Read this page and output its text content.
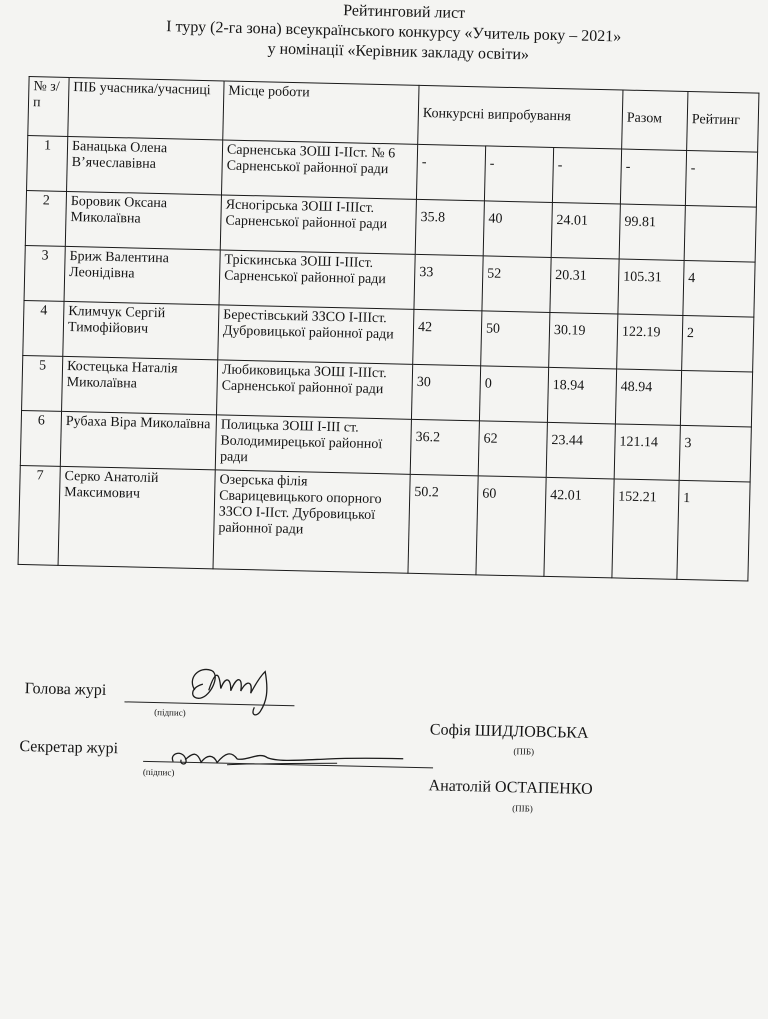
Рейтинговий лист
І туру (2-га зона) всеукраїнського конкурсу «Учитель року – 2021»
у номінації «Керівник закладу освіти»
№ з/п	ПІБ учасника/учасниці	Місце роботи	Конкурсні випробування			Разом	Рейтинг
1	Банацька Олена В’ячеславівна	Сарненська ЗОШ І-ІІст. № 6 Сарненської районної ради	-	-	-	-	-
2	Боровик Оксана Миколаївна	Ясногірська ЗОШ І-ІІІст. Сарненської районної ради	35.8	40	24.01	99.81	
3	Бриж Валентина Леонідівна	Тріскинська ЗОШ І-ІІІст. Сарненської районної ради	33	52	20.31	105.31	4
4	Климчук Сергій Тимофійович	Берестівський ЗЗСО І-ІІІст. Дубровицької районної ради	42	50	30.19	122.19	2
5	Костецька Наталія Миколаївна	Любиковицька ЗОШ І-ІІІст. Сарненської районної ради	30	0	18.94	48.94	
6	Рубаха Віра Миколаївна	Полицька ЗОШ І-ІІІ ст. Володимирецької районної ради	36.2	62	23.44	121.14	3
7	Серко Анатолій Максимович	Озерська філія Сварицевицького опорного ЗЗСО І-ІІст. Дубровицької районної ради	50.2	60	42.01	152.21	1
Голова журі
(підпис)
Софія ШИДЛОВСЬКА
(ПІБ)
Секретар журі
(підпис)
Анатолій ОСТАПЕНКО
(ПІБ)
